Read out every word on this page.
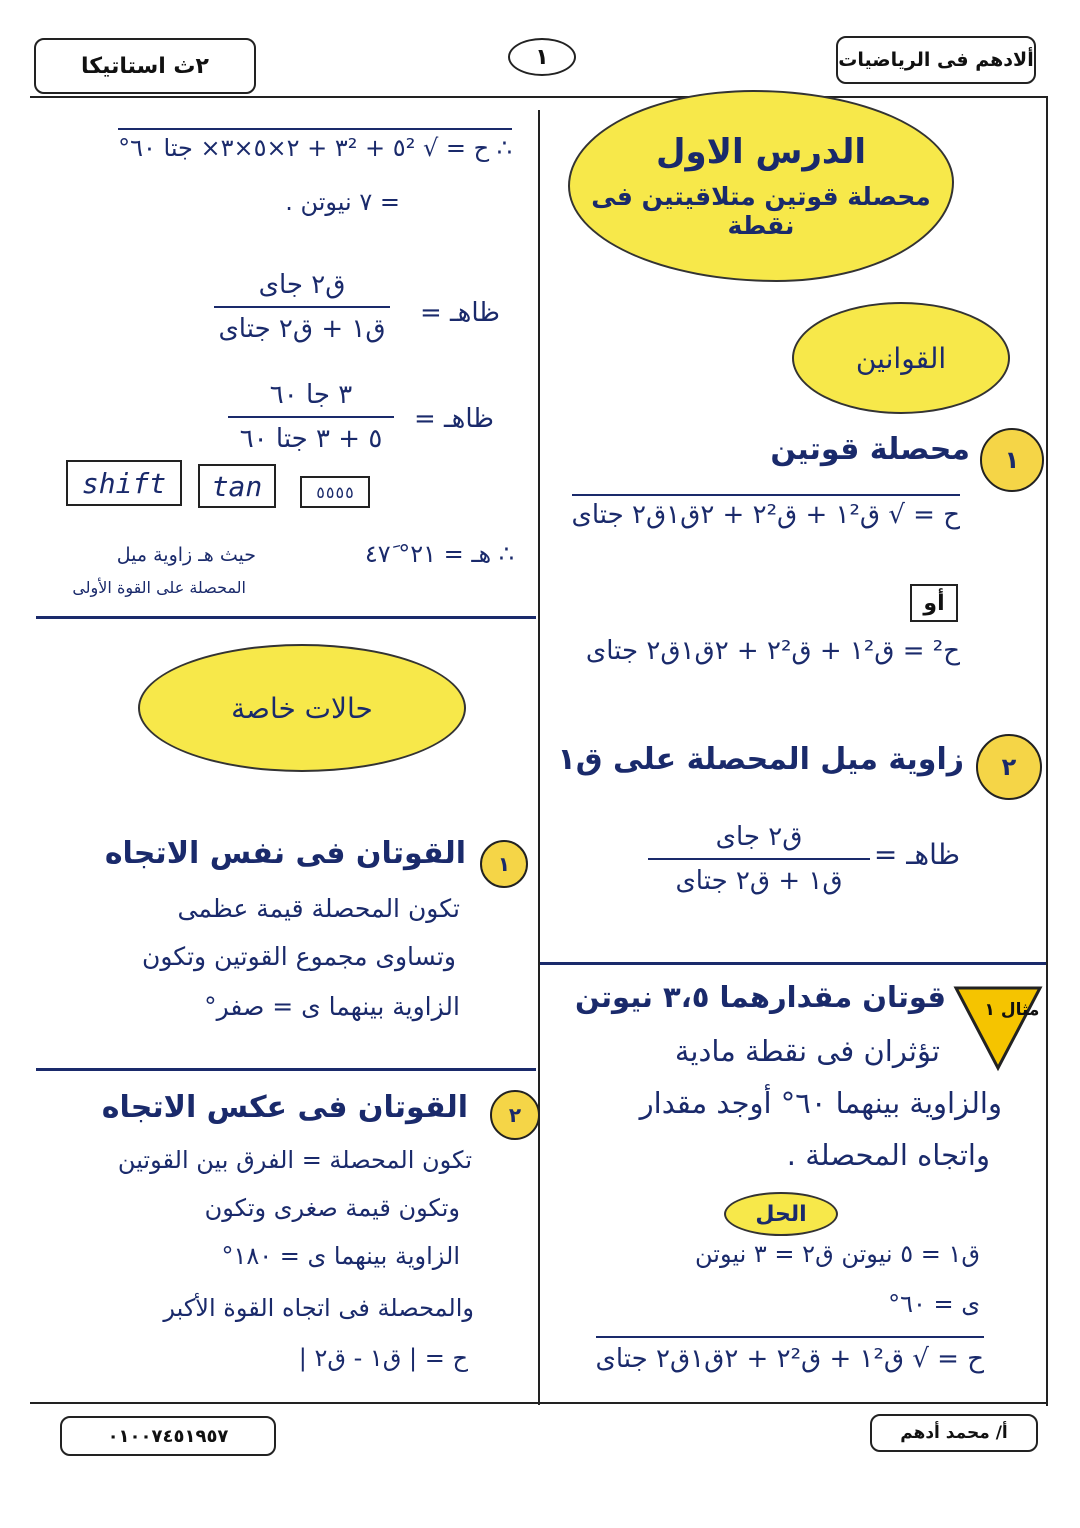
ألادهم فى الرياضيات
١
٢ث استاتيكا
الدرس الاول
محصلة قوتين متلاقيتين فى نقطة
القوانين
١
محصلة قوتين
ح = √ ق١² + ق٢² + ٢ق١ق٢ جتاى
أو
ح² = ق١² + ق٢² + ٢ق١ق٢ جتاى
٢
زاوية ميل المحصلة على ق١
ظاهـ =
ق٢ جاى
ق١ + ق٢ جتاى
مثال ١
قوتان مقدارهما ٣،٥ نيوتن
تؤثران فى نقطة مادية
والزاوية بينهما ٦٠° أوجد مقدار
واتجاه المحصلة .
الحل
ق١ = ٥ نيوتن ق٢ = ٣ نيوتن
ى = ٦٠°
ح = √ ق١² + ق٢² + ٢ق١ق٢ جتاى
∴ ح = √ ٥² + ٣² + ٢×٥×٣× جتا ٦٠°
= ٧ نيوتن .
ظاهـ =
ق٢ جاى
ق١ + ق٢ جتاى
ظاهـ =
٣ جا ٦٠
٥ + ٣ جتا ٦٠
shift tan	٥٥٥٥
∴ هـ = ٢١° ٤٧َ
حيث هـ زاوية ميل
المحصلة على القوة الأولى
حالات خاصة
١
القوتان فى نفس الاتجاه
تكون المحصلة قيمة عظمى
وتساوى مجموع القوتين وتكون
الزاوية بينهما ى = صفر°
٢
القوتان فى عكس الاتجاه
تكون المحصلة = الفرق بين القوتين
وتكون قيمة صغرى وتكون
الزاوية بينهما ى = ١٨٠°
والمحصلة فى اتجاه القوة الأكبر
ح = | ق١ - ق٢ |
أ/ محمد أدهم
٠١٠٠٧٤٥١٩٥٧
